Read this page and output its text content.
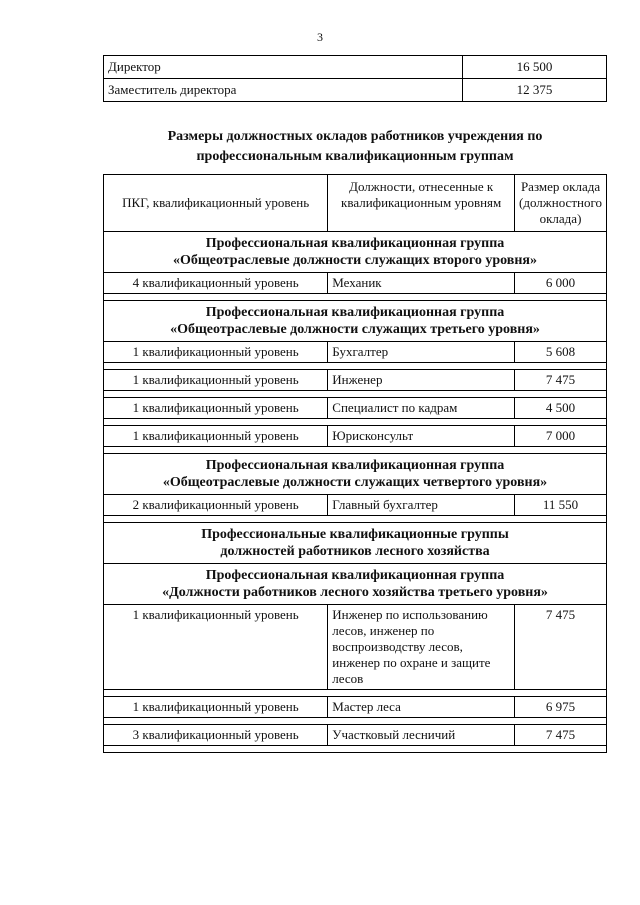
3
Директор	16 500
Заместитель директора	12 375
Размеры должностных окладов работников учреждения по
профессиональным квалификационным группам
ПКГ, квалификационный уровень	Должности, отнесенные к квалификационным уровням	Размер оклада (должностного оклада)

Профессиональная квалификационная группа
«Общеотраслевые должности служащих второго уровня»		

4 квалификационный уровень	Механик	6 000

Профессиональная квалификационная группа
«Общеотраслевые должности служащих третьего уровня»		

1 квалификационный уровень	Бухгалтер	5 608

1 квалификационный уровень	Инженер	7 475

1 квалификационный уровень	Специалист по кадрам	4 500

1 квалификационный уровень	Юрисконсульт	7 000

Профессиональная квалификационная группа
«Общеотраслевые должности служащих четвертого уровня»		

2 квалификационный уровень	Главный бухгалтер	11 550

Профессиональные квалификационные группы
должностей работников лесного хозяйства		

Профессиональная квалификационная группа
«Должности работников лесного хозяйства третьего уровня»		

1 квалификационный уровень	Инженер по использованию лесов, инженер по воспроизводству лесов, инженер по охране и защите лесов	7 475

1 квалификационный уровень	Мастер леса	6 975

3 квалификационный уровень	Участковый лесничий	7 475
